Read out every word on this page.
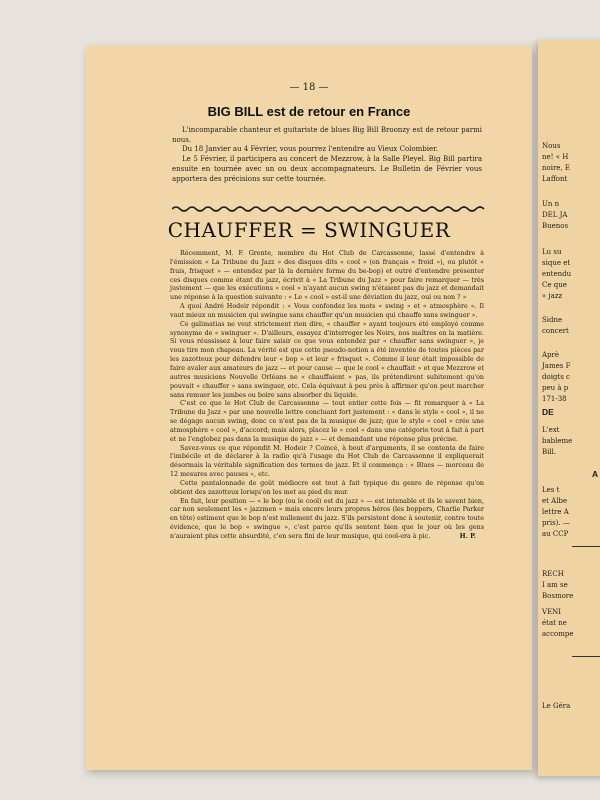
— 18 —
BIG BILL est de retour en France

L'incomparable chanteur et guitariste de blues Big Bill Broonzy est de retour parmi nous.

Du 18 Janvier au 4 Février, vous pourrez l'entendre au Vieux Colombier.

Le 5 Février, il participera au concert de Mezzrow, à la Salle Pleyel. Big Bill partira ensuite en tournée avec un ou deux accompagnateurs. Le Bulletin de Février vous apportera des précisions sur cette tournée.

CHAUFFER = SWINGUER

Récemment, M. F. Grente, membre du Hot Club de Carcassonne, lassé d'entendre à l'émission « La Tribune du Jazz » des disques dits « cool » (en français « froid »), ou plutôt « frais, frisquet » — entendez par là la dernière forme du be-bop) et outré d'entendre présenter ces disques comme étant du jazz, écrivit à « La Tribune du Jazz » pour faire remarquer — très justement — que les exécutions « cool » n'ayant aucun swing n'étaient pas du jazz et demandait une réponse à la question suivante : « Le « cool » est-il une déviation du jazz, oui ou non ? »

A quoi André Hodeir répondit : « Vous confondez les mots « swing » et « atmosphère ». Il vaut mieux un musicien qui swingue sans chauffer qu'un musicien qui chauffe sans swinguer ».

Ce galimatias ne veut strictement rien dire, « chauffer » ayant toujours été employé comme synonyme de « swinguer ». D'ailleurs, essayez d'interroger les Noirs, nos maîtres en la matière. Si vous réussissez à leur faire saisir ce que vous entendez par « chauffer sans swinguer », je vous tire mon chapeau. La vérité est que cette pseudo-notion a été inventée de toutes pièces par les zazotteux pour défendre leur « bop » et leur « frisquet ». Comme il leur était impossible de faire avaler aux amateurs de jazz — et pour cause — que le cool « chauffait » et que Mezzrow et autres musiciens Nouvelle Orléans ne « chauffaient » pas, ils prétendirent subitement qu'on pouvait « chauffer » sans swinguer, etc. Cela équivaut à peu près à affirmer qu'on peut marcher sans remuer les jambes ou boire sans absorber du liquide.

C'est ce que le Hot Club de Carcassonne — tout entier cette fois — fit remarquer à « La Tribune du Jazz » par une nouvelle lettre concluant fort justement : « dans le style « cool », il ne se dégage aucun swing, donc ce n'est pas de la musique de jazz; que le style « cool » crée une atmosphère « cool », d'accord; mais alors, placez le « cool » dans une catégorie tout à fait à part et ne l'englobez pas dans la musique de jazz » — et demandant une réponse plus précise.

Savez-vous ce que répondit M. Hodeir ? Coincé, à bout d'arguments, il se contenta de faire l'imbécile et de déclarer à la radio qu'à l'usage du Hot Club de Carcassonne il expliquerait désormais la véritable signification des termes de jazz. Et il commença : « Blues — morceau de 12 mesures avec pauses », etc.

Cette pantalonnade de goût médiocre est tout à fait typique du genre de réponse qu'on obtient des zazotteux lorsqu'on les met au pied du mur.

En fait, leur position — « le bop (ou le cool) est du jazz » — est intenable et ils le savent bien, car non seulement les « jazzmen » mais encore leurs propres héros (les boppers, Charlie Parker en tête) estiment que le bop n'est nullement du jazz. S'ils persistent donc à soutenir, contre toute évidence, que le bop « swingue », c'est parce qu'ils sentent bien que le jour où les gens n'auraient plus cette absurdité, c'en sera fini de leur musique, qui cool-era à pic.	H. P.

Nous
ne! « H
noire, E
Laffont
Un n
DEL JA
Buenos
Lu su
sique et
entendu
Ce que
« jazz
Sidne
concert
Aprè
James F
doigts c
peu à p
171-38
DE
L'ext
bableme
Bill.
A
Les t
et Albe
lettre A
pris). —
au CCP
RECH
I am se
Bosmore
VENI
état ne
accompe
Le Géra
